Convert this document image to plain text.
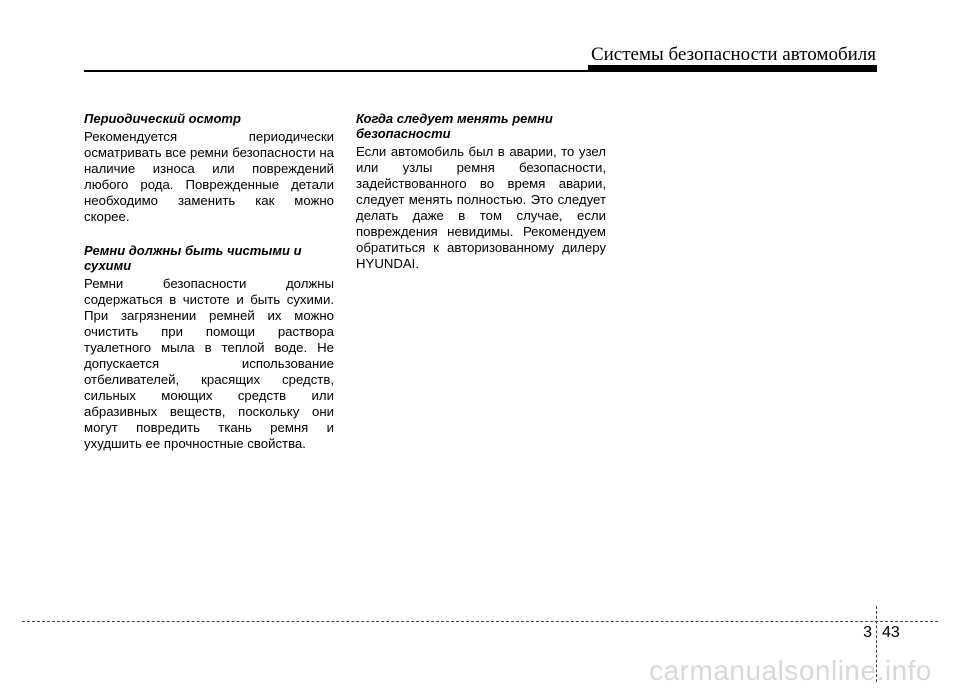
Системы безопасности автомобиля
Периодический осмотр

Рекомендуется периодически осматривать все ремни безопасности на наличие износа или повреждений любого рода. Поврежденные детали необходимо заменить как можно скорее.

Ремни должны быть чистыми и сухими

Ремни безопасности должны содержаться в чистоте и быть сухими. При загрязнении ремней их можно очистить при помощи раствора туалетного мыла в теплой воде. Не допускается использование отбеливателей, красящих средств, сильных моющих средств или абразивных веществ, поскольку они могут повредить ткань ремня и ухудшить ее прочностные свойства.

Когда следует менять ремни безопасности

Если автомобиль был в аварии, то узел или узлы ремня безопасности, задействованного во время аварии, следует менять полностью. Это следует делать даже в том случае, если повреждения невидимы. Рекомендуем обратиться к авторизованному дилеру HYUNDAI.

3 43
carmanualsonline.info
